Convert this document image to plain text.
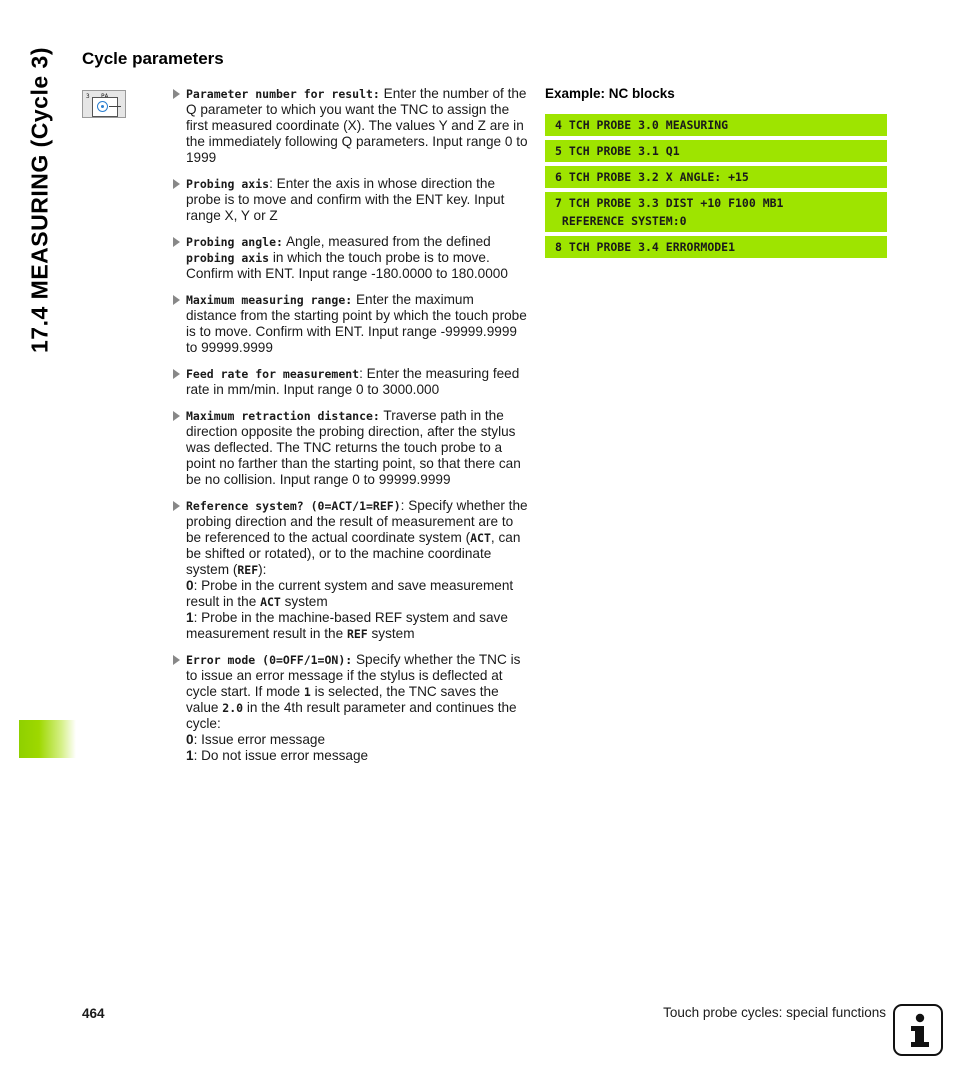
17.4 MEASURING (Cycle 3) Cycle parameters
3	Parameter number for result: Enter the number of the Q parameter to which you want the TNC to assign the first measured coordinate (X). The values Y and Z are in the immediately following Q parameters. Input range 0 to 1999
Probing axis: Enter the axis in whose direction the probe is to move and confirm with the ENT key. Input range X, Y or Z
Probing angle: Angle, measured from the defined probing axis in which the touch probe is to move. Confirm with ENT. Input range -180.0000 to 180.0000
Maximum measuring range: Enter the maximum distance from the starting point by which the touch probe is to move. Confirm with ENT. Input range -99999.9999 to 99999.9999
Feed rate for measurement: Enter the measuring feed rate in mm/min. Input range 0 to 3000.000
Maximum retraction distance: Traverse path in the direction opposite the probing direction, after the stylus was deflected. The TNC returns the touch probe to a point no farther than the starting point, so that there can be no collision. Input range 0 to 99999.9999
Reference system? (0=ACT/1=REF): Specify whether the probing direction and the result of measurement are to be referenced to the actual coordinate system (ACT, can be shifted or rotated), or to the machine coordinate system (REF):
0: Probe in the current system and save measurement result in the ACT system
1: Probe in the machine-based REF system and save measurement result in the REF system
Error mode (0=OFF/1=ON): Specify whether the TNC is to issue an error message if the stylus is deflected at cycle start. If mode 1 is selected, the TNC saves the value 2.0 in the 4th result parameter and continues the cycle:
0: Issue error message
1: Do not issue error message
Example: NC blocks
4 TCH PROBE 3.0 MEASURING
5 TCH PROBE 3.1 Q1
6 TCH PROBE 3.2 X ANGLE: +15
7 TCH PROBE 3.3 DIST +10 F100 MB1
REFERENCE SYSTEM:0
8 TCH PROBE 3.4 ERRORMODE1
464	Touch probe cycles: special functions
